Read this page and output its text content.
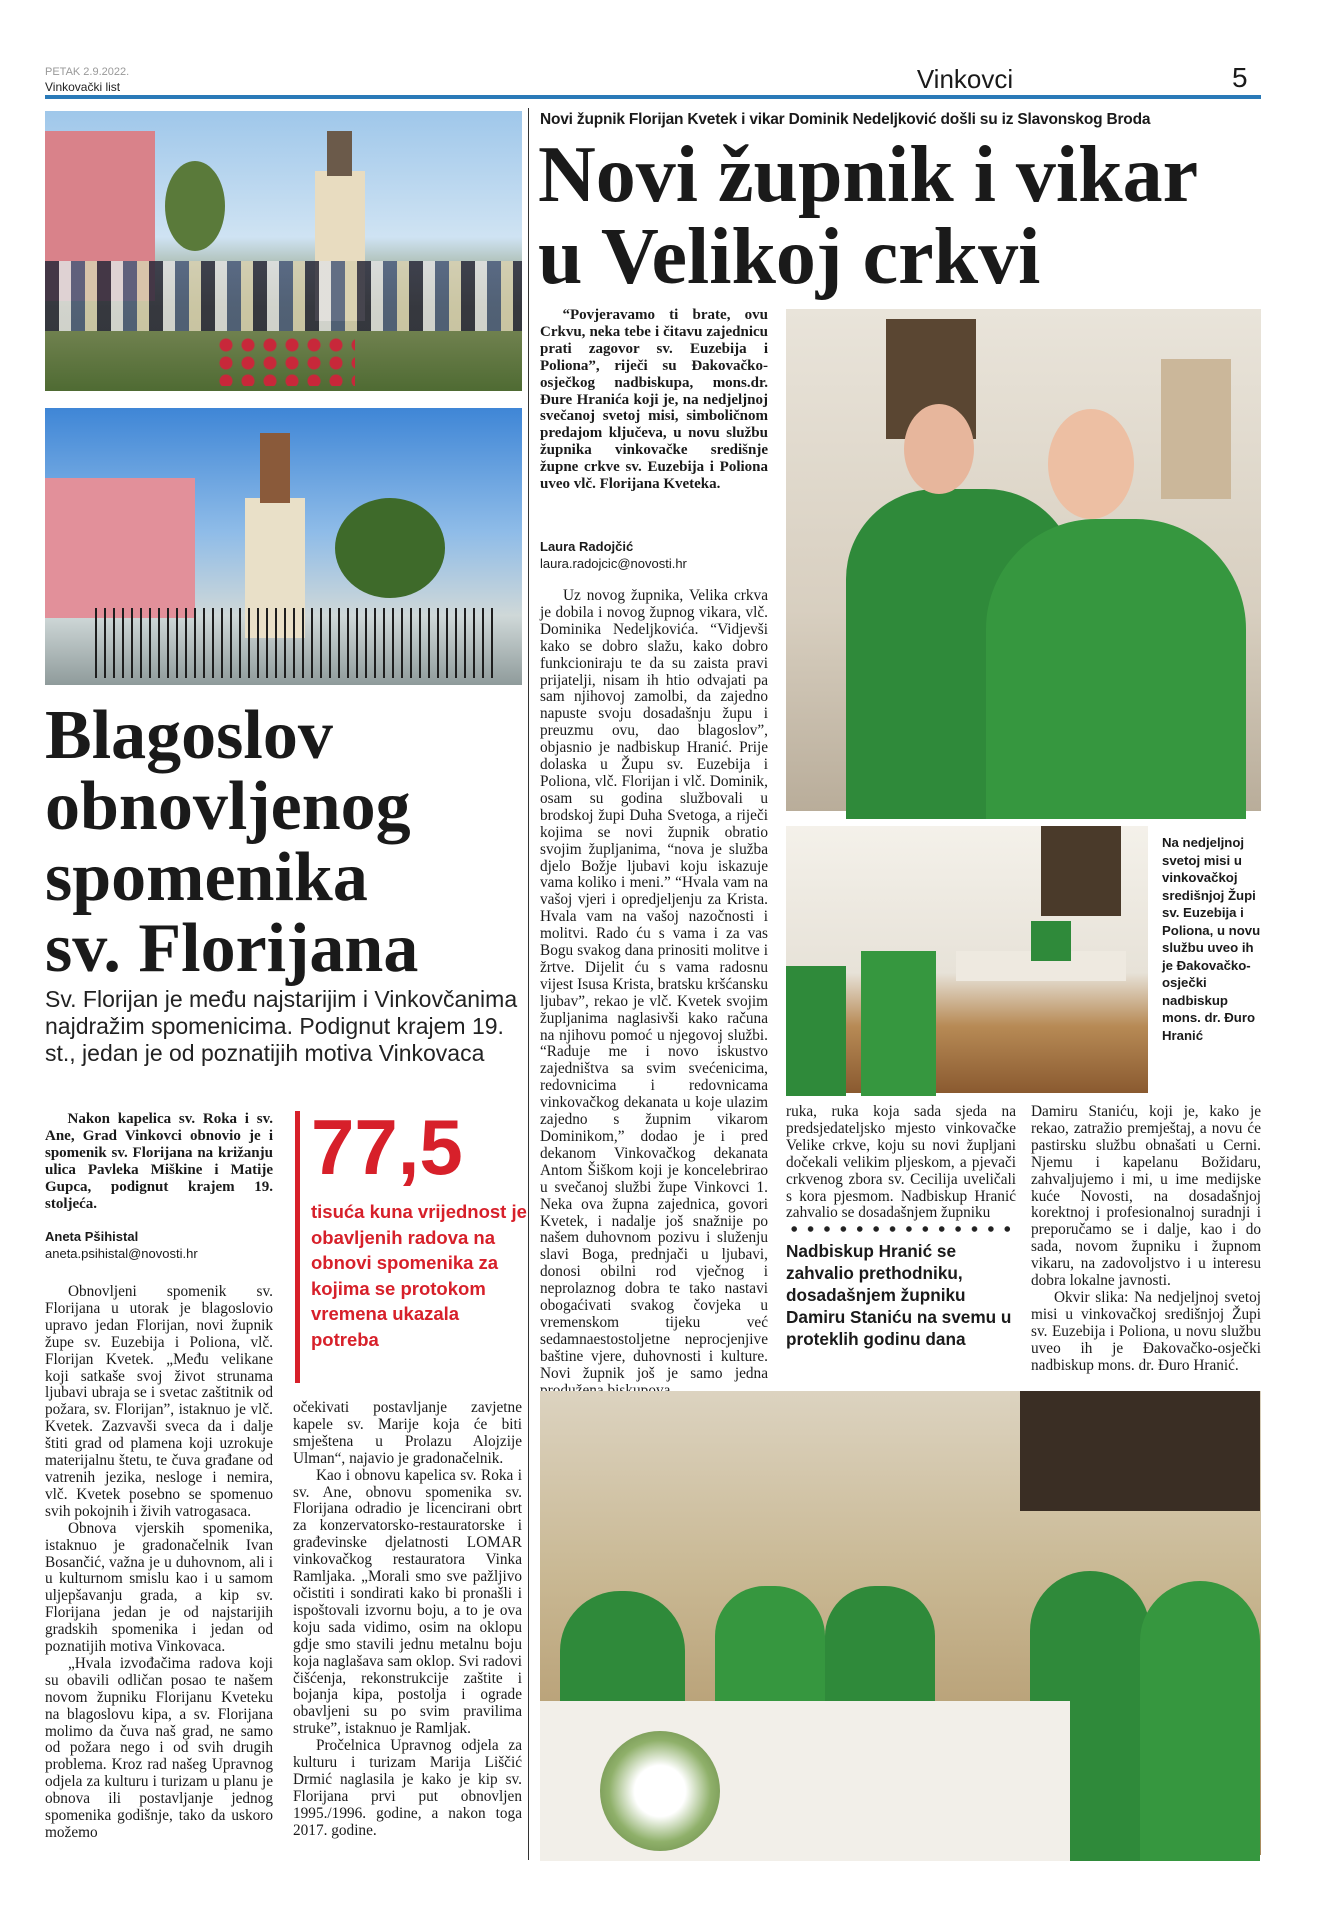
PETAK 2.9.2022.
Vinkovački list	Vinkovci	5
Blagoslov
obnovljenog
spomenika
sv. Florijana
Sv. Florijan je među najstarijim i Vinkovčanima najdražim spomenicima. Podignut krajem 19. st., jedan je od poznatijih motiva Vinkovaca
Nakon kapelica sv. Roka i sv. Ane, Grad Vinkovci obnovio je i spomenik sv. Florijana na križanju ulica Pavleka Miškine i Matije Gupca, podignut krajem 19. stoljeća.
Aneta Pšihistal
aneta.psihistal@novosti.hr
77,5
tisuća kuna vrijednost je obavljenih radova na obnovi spomenika za kojima se protokom vremena ukazala potreba

Obnovljeni spomenik sv. Florijana u utorak je blagoslovio upravo jedan Florijan, novi župnik župe sv. Euzebija i Poliona, vlč. Florijan Kvetek. „Među velikane koji satkaše svoj život strunama ljubavi ubraja se i svetac zaštitnik od požara, sv. Florijan”, istaknuo je vlč. Kvetek. Zazvavši sveca da i dalje štiti grad od plamena koji uzrokuje materijalnu štetu, te čuva građane od vatrenih jezika, nesloge i nemira, vlč. Kvetek posebno se spomenuo svih pokojnih i živih vatrogasaca.

Obnova vjerskih spomenika, istaknuo je gradonačelnik Ivan Bosančić, važna je u duhovnom, ali i u kulturnom smislu kao i u samom uljepšavanju grada, a kip sv. Florijana jedan je od najstarijih gradskih spomenika i jedan od poznatijih motiva Vinkovaca.

„Hvala izvođačima radova koji su obavili odličan posao te našem novom župniku Florijanu Kveteku na blagoslovu kipa, a sv. Florijana molimo da čuva naš grad, ne samo od požara nego i od svih drugih problema. Kroz rad našeg Upravnog odjela za kulturu i turizam u planu je obnova ili postavljanje jednog spomenika godišnje, tako da uskoro možemo

očekivati postavljanje zavjetne kapele sv. Marije koja će biti smještena u Prolazu Alojzije Ulman“, najavio je gradonačelnik.

Kao i obnovu kapelica sv. Roka i sv. Ane, obnovu spomenika sv. Florijana odradio je licencirani obrt za konzervatorsko-restauratorske i građevinske djelatnosti LOMAR vinkovačkog restauratora Vinka Ramljaka. „Morali smo sve pažljivo očistiti i sondirati kako bi pronašli i ispoštovali izvornu boju, a to je ova koju sada vidimo, osim na oklopu gdje smo stavili jednu metalnu boju koja naglašava sam oklop. Svi radovi čišćenja, rekonstrukcije zaštite i bojanja kipa, postolja i ograde obavljeni su po svim pravilima struke”, istaknuo je Ramljak.

Pročelnica Upravnog odjela za kulturu i turizam Marija Liščić Drmić naglasila je kako je kip sv. Florijana prvi put obnovljen 1995./1996. godine, a nakon toga 2017. godine.

Novi župnik Florijan Kvetek i vikar Dominik Nedeljković došli su iz Slavonskog Broda
Novi župnik i vikar
u Velikoj crkvi
“Povjeravamo ti brate, ovu Crkvu, neka tebe i čitavu zajednicu prati zagovor sv. Euzebija i Poliona”, riječi su Đakovačko-osječkog nadbiskupa, mons.dr. Đure Hranića koji je, na nedjeljnoj svečanoj svetoj misi, simboličnom predajom ključeva, u novu službu župnika vinkovačke središnje župne crkve sv. Euzebija i Poliona uveo vlč. Florijana Kveteka.
Laura Radojčić
laura.radojcic@novosti.hr

Uz novog župnika, Velika crkva je dobila i novog župnog vikara, vlč. Dominika Nedeljkovića. “Vidjevši kako se dobro slažu, kako dobro funkcioniraju te da su zaista pravi prijatelji, nisam ih htio odvajati pa sam njihovoj zamolbi, da zajedno napuste svoju dosadašnju župu i preuzmu ovu, dao blagoslov”, objasnio je nadbiskup Hranić. Prije dolaska u Župu sv. Euzebija i Poliona, vlč. Florijan i vlč. Dominik, osam su godina službovali u brodskoj župi Duha Svetoga, a riječi kojima se novi župnik obratio svojim župljanima, “nova je služba djelo Božje ljubavi koju iskazuje vama koliko i meni.” “Hvala vam na vašoj vjeri i opredjeljenju za Krista. Hvala vam na vašoj nazočnosti i molitvi. Rado ću s vama i za vas Bogu svakog dana prinositi molitve i žrtve. Dijelit ću s vama radosnu vijest Isusa Krista, bratsku kršćansku ljubav”, rekao je vlč. Kvetek svojim župljanima naglasivši kako računa na njihovu pomoć u njegovoj službi. “Raduje me i novo iskustvo zajedništva sa svim svećenicima, redovnicima i redovnicama vinkovačkog dekanata u koje ulazim zajedno s župnim vikarom Dominikom,” dodao je i pred dekanom Vinkovačkog dekanata Antom Šiškom koji je koncelebrirao u svečanoj službi župe Vinkovci 1. Neka ova župna zajednica, govori Kvetek, i nadalje još snažnije po našem duhovnom pozivu i služenju slavi Boga, prednjači u ljubavi, donosi obilni rod vječnog i neprolaznog dobra te tako nastavi obogaćivati svakog čovjeka u vremenskom tijeku već sedamnaestostoljetne neprocjenjive baštine vjere, duhovnosti i kulture. Novi župnik još je samo jedna

Na nedjeljnoj svetoj misi u vinkovačkoj središnjoj Župi sv. Euzebija i Poliona, u novu službu uveo ih je Đakovačko-osječki nadbiskup mons. dr. Đuro Hranić

ruka, ruka koja sada sjeda na predsjedateljsko mjesto vinkovačke Velike crkve, koju su novi župljani dočekali velikim pljeskom, a pjevači crkvenog zbora sv. Cecilija uveličali s kora pjesmom. Nadbiskup Hranić zahvalio se dosadašnjem župniku

Nadbiskup Hranić se zahvalio prethodniku, dosadašnjem župniku Damiru Staniću na svemu u proteklih godinu dana

Damiru Staniću, koji je, kako je rekao, zatražio premještaj, a novu će pastirsku službu obnašati u Cerni. Njemu i kapelanu Božidaru, zahvaljujemo i mi, u ime medijske kuće Novosti, na dosadašnjoj korektnoj i profesionalnoj suradnji i preporučamo se i dalje, kao i do sada, novom župniku i župnom vikaru, na zadovoljstvo i u interesu dobra lokalne javnosti.

Okvir slika: Na nedjeljnoj svetoj misi u vinkovačkoj središnjoj Župi sv. Euzebija i Poliona, u novu službu uveo ih je Đakovačko-osječki nadbiskup mons. dr. Đuro Hranić.
